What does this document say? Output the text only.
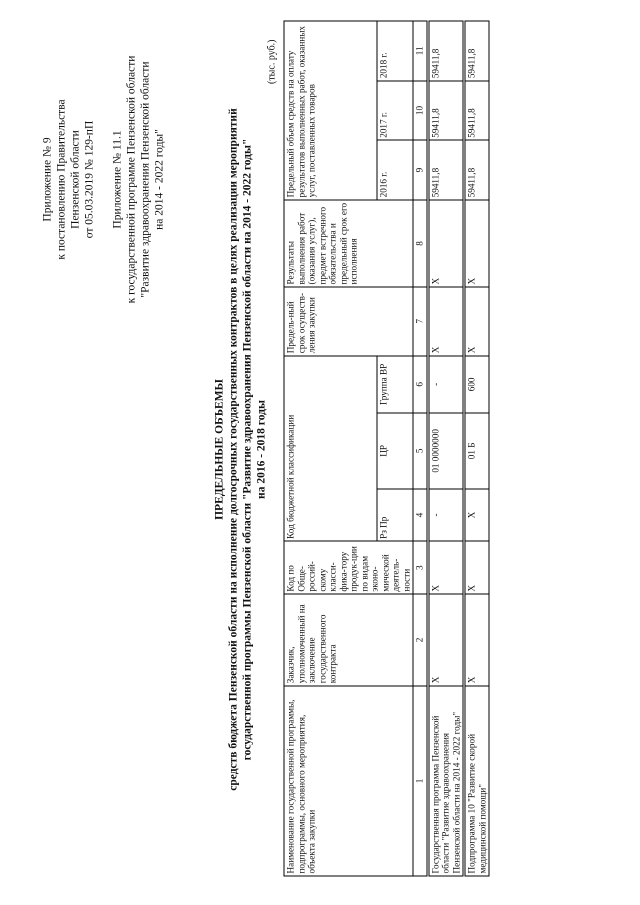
Приложение № 9 к постановлению Правительства Пензенской области от 05.03.2019 № 129-пП Приложение № 11.1 к государственной программе Пензенской области "Развитие здравоохранения Пензенской области на 2014 - 2022 годы"
ПРЕДЕЛЬНЫЕ ОБЪЕМЫ средств бюджета Пензенской области на исполнение долгосрочных государственных контрактов в целях реализации мероприятий государственной программы Пензенской области "Развитие здравоохранения Пензенской области на 2014 - 2022 годы" на 2016 - 2018 годы
(тыс. руб.)
Наименование государственной программы, подпрограммы, основного мероприятия, объекта закупки	Заказчик, уполномоченный на заключение государственного контракта	Код по Обще-россий-скому класси-фика-тору продук-ции по видам эконо-мической деятель-ности	Код бюджетной классификации			Предель-ный срок осуществ-ления закупки	Результаты выполнения работ (оказания услуг), предмет встречного обязательства и предельный срок его исполнения	Предельный объем средств на оплату результатов выполненных работ, оказанных услуг, поставленных товаров		
			Рз Пр	ЦР	Группа ВР			2016 г.	2017 г.	2018 г.
1	2	3	4	5	6	7	8	9	10	11
Государственная программа Пензенской области "Развитие здравоохранения Пензенской области на 2014 - 2022 годы"	Х	Х	-	01 0000000	-	Х	Х	59411,8	59411,8	59411,8
Подпрограмма 10 "Развитие скорой медицинской помощи"	Х	Х	Х	01 Б	600	Х	Х	59411,8	59411,8	59411,8
